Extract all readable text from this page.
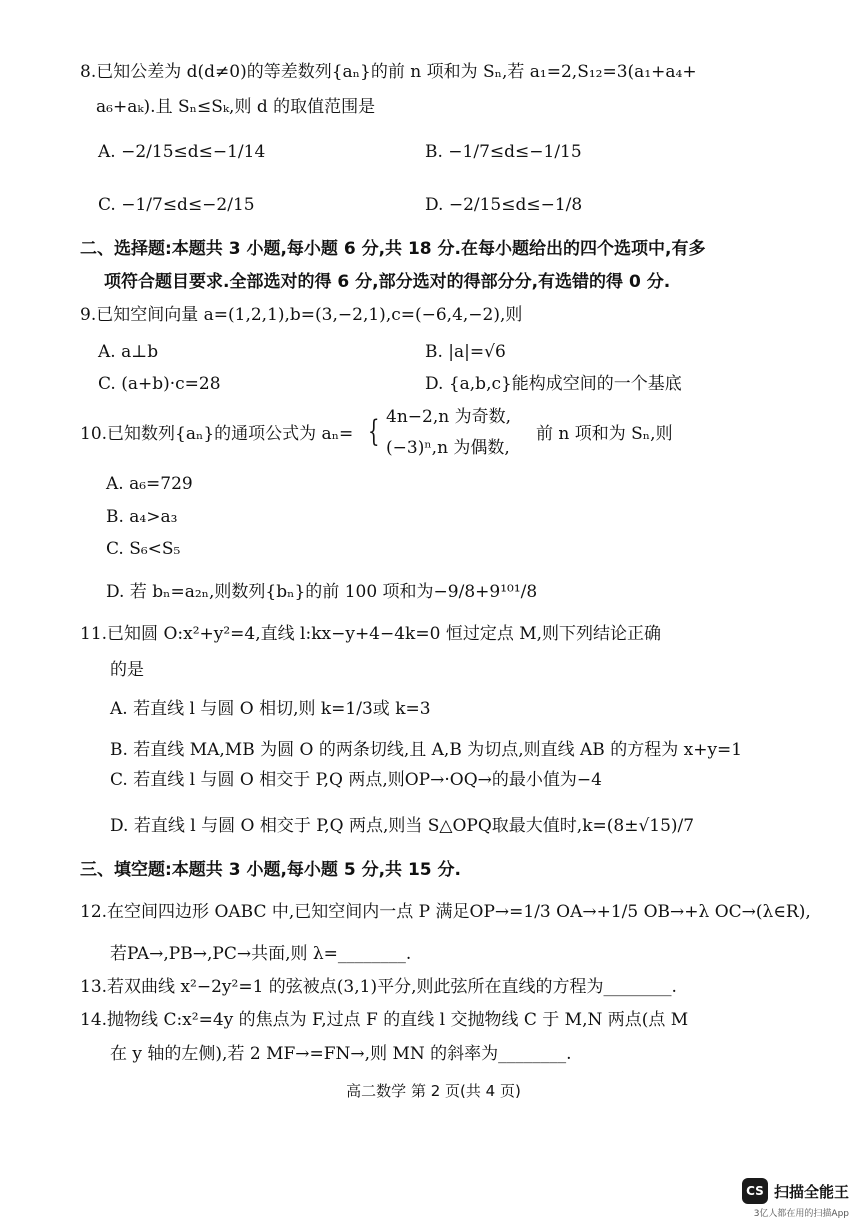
8.已知公差为 d(d≠0)的等差数列{aₙ}的前 n 项和为 Sₙ,若 a₁=2,S₁₂=3(a₁+a₄+
a₆+aₖ).且 Sₙ≤Sₖ,则 d 的取值范围是
A. −2/15≤d≤−1/14	B. −1/7≤d≤−1/15
C. −1/7≤d≤−2/15	D. −2/15≤d≤−1/8
二、选择题:本题共 3 小题,每小题 6 分,共 18 分.在每小题给出的四个选项中,有多
项符合题目要求.全部选对的得 6 分,部分选对的得部分分,有选错的得 0 分.
9.已知空间向量 a=(1,2,1),b=(3,−2,1),c=(−6,4,−2),则
A. a⊥b	B. |a|=√6
C. (a+b)·c=28	D. {a,b,c}能构成空间的一个基底
10.已知数列{aₙ}的通项公式为 aₙ= { 4n−2,n 为奇数,
(−3)ⁿ,n 为偶数,
前 n 项和为 Sₙ,则
A. a₆=729
B. a₄>a₃
C. S₆<S₅
D. 若 bₙ=a₂ₙ,则数列{bₙ}的前 100 项和为−9/8+9¹⁰¹/8
11.已知圆 O:x²+y²=4,直线 l:kx−y+4−4k=0 恒过定点 M,则下列结论正确
的是
A. 若直线 l 与圆 O 相切,则 k=1/3或 k=3
B. 若直线 MA,MB 为圆 O 的两条切线,且 A,B 为切点,则直线 AB 的方程为 x+y=1
C. 若直线 l 与圆 O 相交于 P,Q 两点,则OP→·OQ→的最小值为−4
D. 若直线 l 与圆 O 相交于 P,Q 两点,则当 S△OPQ取最大值时,k=(8±√15)/7
三、填空题:本题共 3 小题,每小题 5 分,共 15 分.
12.在空间四边形 OABC 中,已知空间内一点 P 满足OP→=1/3 OA→+1/5 OB→+λ OC→(λ∈R),
若PA→,PB→,PC→共面,则 λ=________.
13.若双曲线 x²−2y²=1 的弦被点(3,1)平分,则此弦所在直线的方程为________.
14.抛物线 C:x²=4y 的焦点为 F,过点 F 的直线 l 交抛物线 C 于 M,N 两点(点 M
在 y 轴的左侧),若 2 MF→=FN→,则 MN 的斜率为________.
高二数学 第 2 页(共 4 页)
CS 扫描全能王
3亿人都在用的扫描App
